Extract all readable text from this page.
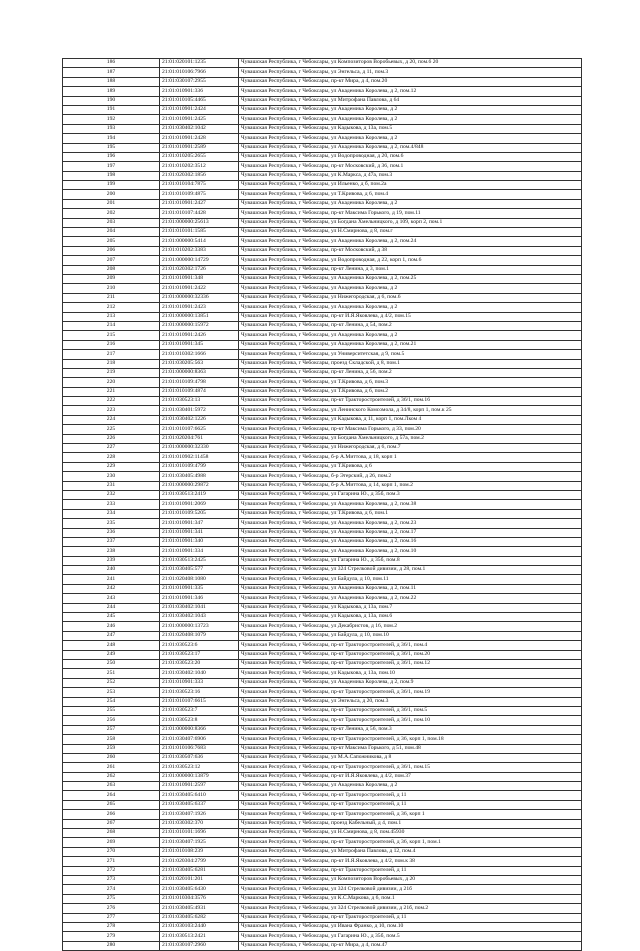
186	21:01:020101:1235	Чувашская Республика, г Чебоксары, ул Композиторов Воробьевых, д 20, пом.6 20
187	21:01:010106:7966	Чувашская Республика, г Чебоксары, ул Энгельса, д 11, пом.3
188	21:01:030107:2955	Чувашская Республика, г Чебоксары, пр-кт Мира, д 4, пом.20
189	21:01:010901:336	Чувашская Республика, г Чебоксары, ул Академика Королева, д 2, пом.12
190	21:01:010105:4465	Чувашская Республика, г Чебоксары, ул Митрофана Павлова, д 64
191	21:01:010901:2424	Чувашская Республика, г Чебоксары, ул Академика Королева, д 2
192	21:01:010901:2425	Чувашская Республика, г Чебоксары, ул Академика Королева, д 2
193	21:01:030402:1042	Чувашская Республика, г Чебоксары, ул Кадыкова, д 13а, пом.5
194	21:01:010901:2428	Чувашская Республика, г Чебоксары, ул Академика Королева, д 2
195	21:01:010901:2589	Чувашская Республика, г Чебоксары, ул Академика Королева, д 2, пом.4/848
196	21:01:010205:2655	Чувашская Республика, г Чебоксары, ул Водопроводная, д 20, пом.6
197	21:01:010202:3512	Чувашская Республика, г Чебоксары, пр-кт Московский, д 36, пом.1
198	21:01:020302:1856	Чувашская Республика, г Чебоксары, ул К.Маркса, д 47а, пом.3
199	21:01:010104:7875	Чувашская Республика, г Чебоксары, ул Ильенко, д б, пом.2а
200	21:01:010109:4875	Чувашская Республика, г Чебоксары, ул Т.Кривова, д 6, пом.4
201	21:01:010901:2427	Чувашская Республика, г Чебоксары, ул Академика Королева, д 2
202	21:01:010107:4428	Чувашская Республика, г Чебоксары, пр-кт Максима Горького, д 19, пом.11
203	21:01:000000:25613	Чувашская Республика, г Чебоксары, ул Богдана Хмельницкого, д 109, корп 2, пом.1
204	21:01:010101:1585	Чувашская Республика, г Чебоксары, ул Н.Смирнова, д 8, пом.г
205	21:01:000000:5414	Чувашская Республика, г Чебоксары, ул Академика Королева, д 2, пом.24
206	21:01:010202:3383	Чувашская Республика, г Чебоксары, пр-кт Московский, д 38
207	21:01:000000:14729	Чувашская Республика, г Чебоксары, ул Водопроводная, д 22, корп 1, пом.6
208	21:01:020302:1726	Чувашская Республика, г Чебоксары, пр-кт Ленина, д 3, пом.1
209	21:01:010901:348	Чувашская Республика, г Чебоксары, ул Академика Королева, д 2, пом.25
210	21:01:010901:2422	Чувашская Республика, г Чебоксары, ул Академика Королева, д 2
211	21:01:000000:32336	Чувашская Республика, г Чебоксары, ул Нижегородская, д 6, пом.6
212	21:01:010901:2423	Чувашская Республика, г Чебоксары, ул Академика Королева, д 2
213	21:01:000000:13851	Чувашская Республика, г Чебоксары, пр-кт И.Я.Яковлева, д 4/2, пом.15
214	21:01:000000:15972	Чувашская Республика, г Чебоксары, пр-кт Ленина, д 54, пом.2
215	21:01:010901:2426	Чувашская Республика, г Чебоксары, ул Академика Королева, д 2
216	21:01:010901:345	Чувашская Республика, г Чебоксары, ул Академика Королева, д 2, пом.21
217	21:01:010302:1666	Чувашская Республика, г Чебоксары, ул Университетская, д 9, пом.5
218	21:01:030205:563	Чувашская Республика, г Чебоксары, проезд Складской, д 8, пом.1
219	21:01:000000:8363	Чувашская Республика, г Чебоксары, пр-кт Ленина, д 56, пом.2
220	21:01:010109:4798	Чувашская Республика, г Чебоксары, ул Т.Кривова, д 6, пом.3
221	21:01:010109:4874	Чувашская Республика, г Чебоксары, ул Т.Кривова, д 6, пом.2
222	21:01:030523:13	Чувашская Республика, г Чебоксары, пр-кт Тракторостроителей, д 36/1, пом.16
223	21:01:030401:5972	Чувашская Республика, г Чебоксары, ул Ленинского Комсомола, д 34/8, корп 1, пом.к 25
224	21:01:030402:1226	Чувашская Республика, г Чебоксары, ул Кадыкова, д 11, корп 1, пом.Лком 4
225	21:01:010107:6625	Чувашская Республика, г Чебоксары, пр-кт Максима Горького, д 33, пом.20
226	21:01:020204:761	Чувашская Республика, г Чебоксары, ул Богдана Хмельницкого, д 57а, пом.2
227	21:01:000000:32330	Чувашская Республика, г Чебоксары, ул Нижегородская, д 6, пом.7
228	21:01:010902:11458	Чувашская Республика, г Чебоксары, б-р А.Миттова, д 18, корп 1
229	21:01:010109:4799	Чувашская Республика, г Чебоксары, ул Т.Кривова, д 6
230	21:01:030405:4988	Чувашская Республика, г Чебоксары, б-р Эгерский, д 26, пом.2
231	21:01:000000:29872	Чувашская Республика, г Чебоксары, б-р А.Миттова, д 14, корп 1, пом.2
232	21:01:030513:2419	Чувашская Республика, г Чебоксары, ул Гагарина Ю., д 35б, пом.3
233	21:01:010901:2069	Чувашская Республика, г Чебоксары, ул Академика Королева, д 2, пом.38
234	21:01:010109:5205	Чувашская Республика, г Чебоксары, ул Т.Кривова, д 6, пом.1
235	21:01:010901:347	Чувашская Республика, г Чебоксары, ул Академика Королева, д 2, пом.23
236	21:01:010901:341	Чувашская Республика, г Чебоксары, ул Академика Королева, д 2, пом.17
237	21:01:010901:340	Чувашская Республика, г Чебоксары, ул Академика Королева, д 2, пом.16
238	21:01:010901:334	Чувашская Республика, г Чебоксары, ул Академика Королева, д 2, пом.10
239	21:01:030513:2425	Чувашская Республика, г Чебоксары, ул Гагарина Ю., д 35б, пом.8
240	21:01:030405:577	Чувашская Республика, г Чебоксары, ул 324 Стрелковой дивизии, д 28, пом.1
241	21:01:020408:1080	Чувашская Республика, г Чебоксары, ул Байдула, д 10, пом.11
242	21:01:010901:335	Чувашская Республика, г Чебоксары, ул Академика Королева, д 2, пом.11
243	21:01:010901:346	Чувашская Республика, г Чебоксары, ул Академика Королева, д 2, пом.22
244	21:01:030402:1041	Чувашская Республика, г Чебоксары, ул Кадыкова, д 13а, пом.7
245	21:01:030402:1043	Чувашская Республика, г Чебоксары, ул Кадыкова, д 13а, пом.6
246	21:01:000000:13723	Чувашская Республика, г Чебоксары, ул Декабристов, д 16, пом.2
247	21:01:020408:1079	Чувашская Республика, г Чебоксары, ул Байдула, д 10, пом.10
248	21:01:030523:6	Чувашская Республика, г Чебоксары, пр-кт Тракторостроителей, д 36/1, пом.4
249	21:01:030523:17	Чувашская Республика, г Чебоксары, пр-кт Тракторостроителей, д 36/1, пом.20
250	21:01:030523:20	Чувашская Республика, г Чебоксары, пр-кт Тракторостроителей, д 36/1, пом.12
251	21:01:030402:1040	Чувашская Республика, г Чебоксары, ул Кадыкова, д 13а, пом.10
252	21:01:010901:333	Чувашская Республика, г Чебоксары, ул Академика Королева, д 2, пом.9
253	21:01:030523:16	Чувашская Республика, г Чебоксары, пр-кт Тракторостроителей, д 36/1, пом.19
254	21:01:010107:6615	Чувашская Республика, г Чебоксары, ул Энгельса, д 20, пом.3
255	21:01:030523:7	Чувашская Республика, г Чебоксары, пр-кт Тракторостроителей, д 36/1, пом.5
256	21:01:030523:8	Чувашская Республика, г Чебоксары, пр-кт Тракторостроителей, д 36/1, пом.10
257	21:01:000000:8366	Чувашская Республика, г Чебоксары, пр-кт Ленина, д 56, пом.3
258	21:01:030407:6906	Чувашская Республика, г Чебоксары, пр-кт Тракторостроителей, д 36, корп 1, пом.18
259	21:01:010106:7683	Чувашская Республика, г Чебоксары, пр-кт Максима Горького, д 51, пом.48
260	21:01:030507:636	Чувашская Республика, г Чебоксары, ул М.А.Сапожникова, д 8
261	21:01:030523:12	Чувашская Республика, г Чебоксары, пр-кт Тракторостроителей, д 36/1, пом.15
262	21:01:000000:13879	Чувашская Республика, г Чебоксары, пр-кт И.Я.Яковлева, д 4/2, пом.37
263	21:01:010901:2597	Чувашская Республика, г Чебоксары, ул Академика Королева, д 2
264	21:01:030405:6410	Чувашская Республика, г Чебоксары, пр-кт Тракторостроителей, д 11
265	21:01:030405:6337	Чувашская Республика, г Чебоксары, пр-кт Тракторостроителей, д 11
266	21:01:030407:1926	Чувашская Республика, г Чебоксары, пр-кт Тракторостроителей, д 36, корп 1
267	21:01:030302:370	Чувашская Республика, г Чебоксары, проезд Кабельный, д 4, пом.1
268	21:01:010101:1696	Чувашская Республика, г Чебоксары, ул Н.Смирнова, д 8, пом.45930
269	21:01:030407:1925	Чувашская Республика, г Чебоксары, пр-кт Тракторостроителей, д 36, корп 1, пом.1
270	21:01:010108:239	Чувашская Республика, г Чебоксары, ул Митрофана Павлова, д 12, пом.4
271	21:01:020304:2799	Чувашская Республика, г Чебоксары, пр-кт И.Я.Яковлева, д 4/2, пом.к 38
272	21:01:030405:6281	Чувашская Республика, г Чебоксары, пр-кт Тракторостроителей, д 11
273	21:01:020101:201	Чувашская Республика, г Чебоксары, ул Композиторов Воробьевых, д 20
274	21:01:030405:6430	Чувашская Республика, г Чебоксары, ул 324 Стрелковой дивизии, д 21б
275	21:01:010304:3576	Чувашская Республика, г Чебоксары, ул К.С.Маркова, д 6, пом.1
276	21:01:030405:4931	Чувашская Республика, г Чебоксары, ул 324 Стрелковой дивизии, д 21б, пом.2
277	21:01:030405:6282	Чувашская Республика, г Чебоксары, пр-кт Тракторостроителей, д 11
278	21:01:030103:2440	Чувашская Республика, г Чебоксары, ул Ивана Франко, д 10, пом.10
279	21:01:030513:2421	Чувашская Республика, г Чебоксары, ул Гагарина Ю., д 35б, пом.5
280	21:01:030107:2960	Чувашская Республика, г Чебоксары, пр-кт Мира, д 4, пом.47
